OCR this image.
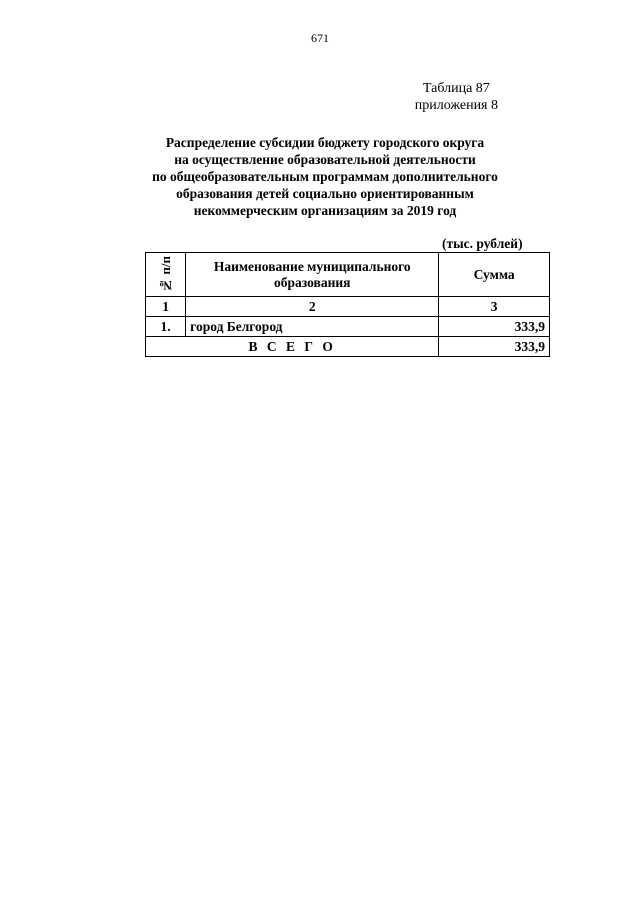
671
Таблица 87
приложения 8
Распределение субсидии бюджету городского округа
на осуществление образовательной деятельности
по общеобразовательным программам дополнительного
образования детей социально ориентированным
некоммерческим организациям за 2019 год
(тыс. рублей)
№ п/п	Наименование муниципального образования	Сумма
1	2	3
1.	город Белгород	333,9
В С Е Г О		333,9
